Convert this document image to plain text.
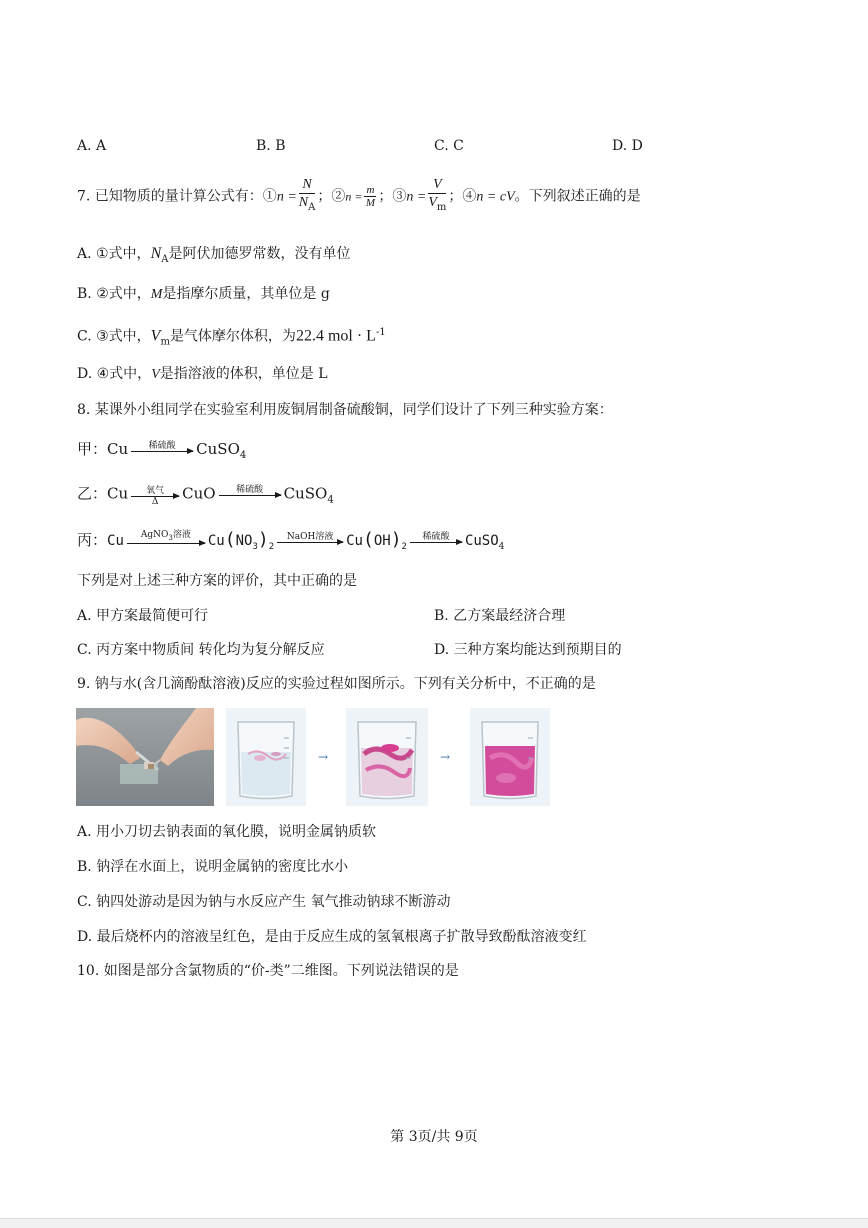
A. A	B. B	C. C	D. D
7. 已知物质的量计算公式有：①n = $\frac{N}{N_A}$ ；②n = $\frac{m}{M}$ ；③n = $\frac{V}{V_m}$ ；④n = cV。下列叙述正确的是
A. ①式中，$N_A$是阿伏加德罗常数，没有单位
B. ②式中，M是指摩尔质量，其单位是 g
C. ③式中，$V_m$是气体摩尔体积，为22.4 mol · $L^{-1}$
D. ④式中，V是指溶液的体积，单位是 L
8. 某课外小组同学在实验室利用废铜屑制备硫酸铜，同学们设计了下列三种实验方案：
甲：Cu	稀硫酸	CuSO$_4$
乙：Cu	氧气
Δ	CuO	稀硫酸	CuSO$_4$
丙：Cu	AgNO$_3$溶液	$Cu(NO_3)_2$
NaOH溶液 $Cu(OH)_2$
稀硫酸	CuSO$_4$
下列是对上述三种方案的评价，其中正确的是
A. 甲方案最简便可行	B. 乙方案最经济合理
C. 丙方案中物质间 转化均为复分解反应	D. 三种方案均能达到预期目的
9. 钠与水(含几滴酚酞溶液)反应的实验过程如图所示。下列有关分析中，不正确的是
→	→
A. 用小刀切去钠表面的氧化膜，说明金属钠质软
B. 钠浮在水面上，说明金属钠的密度比水小
C. 钠四处游动是因为钠与水反应产生 氧气推动钠球不断游动
D. 最后烧杯内的溶液呈红色，是由于反应生成的氢氧根离子扩散导致酚酞溶液变红
10. 如图是部分含氯物质的“价-类”二维图。下列说法错误的是
第 3页/共 9页
